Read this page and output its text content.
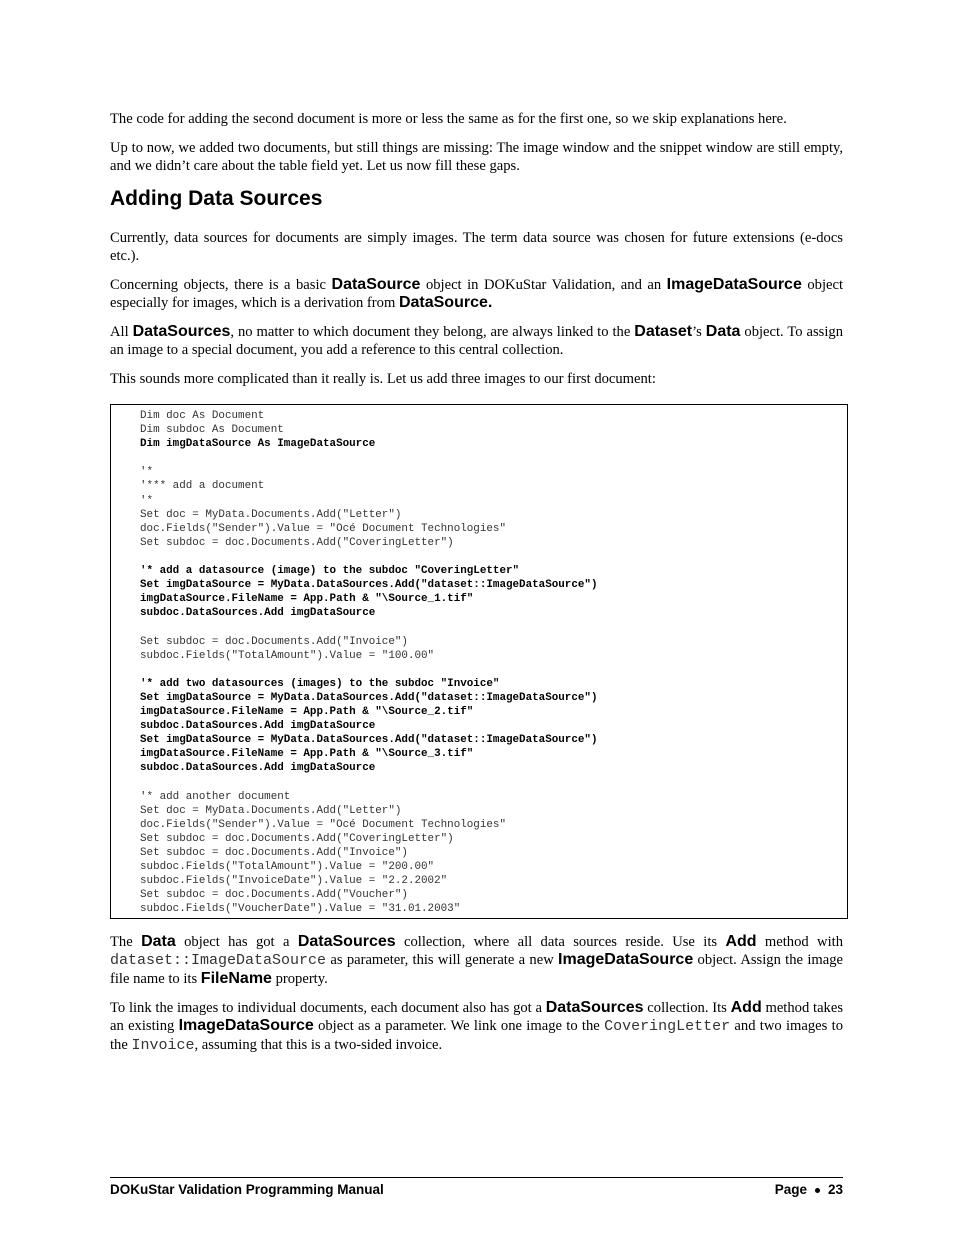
The code for adding the second document is more or less the same as for the first one, so we skip explanations here.

Up to now, we added two documents, but still things are missing: The image window and the snippet window are still empty, and we didn’t care about the table field yet. Let us now fill these gaps.

Adding Data Sources

Currently, data sources for documents are simply images. The term data source was chosen for future extensions (e-docs etc.).

Concerning objects, there is a basic DataSource object in DOKuStar Validation, and an ImageDataSource object especially for images, which is a derivation from DataSource.

All DataSources, no matter to which document they belong, are always linked to the Dataset’s Data object. To assign an image to a special document, you add a reference to this central collection.

This sounds more complicated than it really is. Let us add three images to our first document:

Dim doc As Document
Dim subdoc As Document
Dim imgDataSource As ImageDataSource
'*
'*** add a document
'*
Set doc = MyData.Documents.Add("Letter")
doc.Fields("Sender").Value = "Océ Document Technologies"
Set subdoc = doc.Documents.Add("CoveringLetter")
'* add a datasource (image) to the subdoc "CoveringLetter"
Set imgDataSource = MyData.DataSources.Add("dataset::ImageDataSource")
imgDataSource.FileName = App.Path & "\Source_1.tif"
subdoc.DataSources.Add imgDataSource
Set subdoc = doc.Documents.Add("Invoice")
subdoc.Fields("TotalAmount").Value = "100.00"
'* add two datasources (images) to the subdoc "Invoice"
Set imgDataSource = MyData.DataSources.Add("dataset::ImageDataSource")
imgDataSource.FileName = App.Path & "\Source_2.tif"
subdoc.DataSources.Add imgDataSource
Set imgDataSource = MyData.DataSources.Add("dataset::ImageDataSource")
imgDataSource.FileName = App.Path & "\Source_3.tif"
subdoc.DataSources.Add imgDataSource
'* add another document
Set doc = MyData.Documents.Add("Letter")
doc.Fields("Sender").Value = "Océ Document Technologies"
Set subdoc = doc.Documents.Add("CoveringLetter")
Set subdoc = doc.Documents.Add("Invoice")
subdoc.Fields("TotalAmount").Value = "200.00"
subdoc.Fields("InvoiceDate").Value = "2.2.2002"
Set subdoc = doc.Documents.Add("Voucher")
subdoc.Fields("VoucherDate").Value = "31.01.2003"

The Data object has got a DataSources collection, where all data sources reside. Use its Add method with dataset::ImageDataSource as parameter, this will generate a new ImageDataSource object. Assign the image file name to its FileName property.

To link the images to individual documents, each document also has got a DataSources collection. Its Add method takes an existing ImageDataSource object as a parameter. We link one image to the CoveringLetter and two images to the Invoice, assuming that this is a two-sided invoice.

DOKuStar Validation Programming Manual	Page 23
